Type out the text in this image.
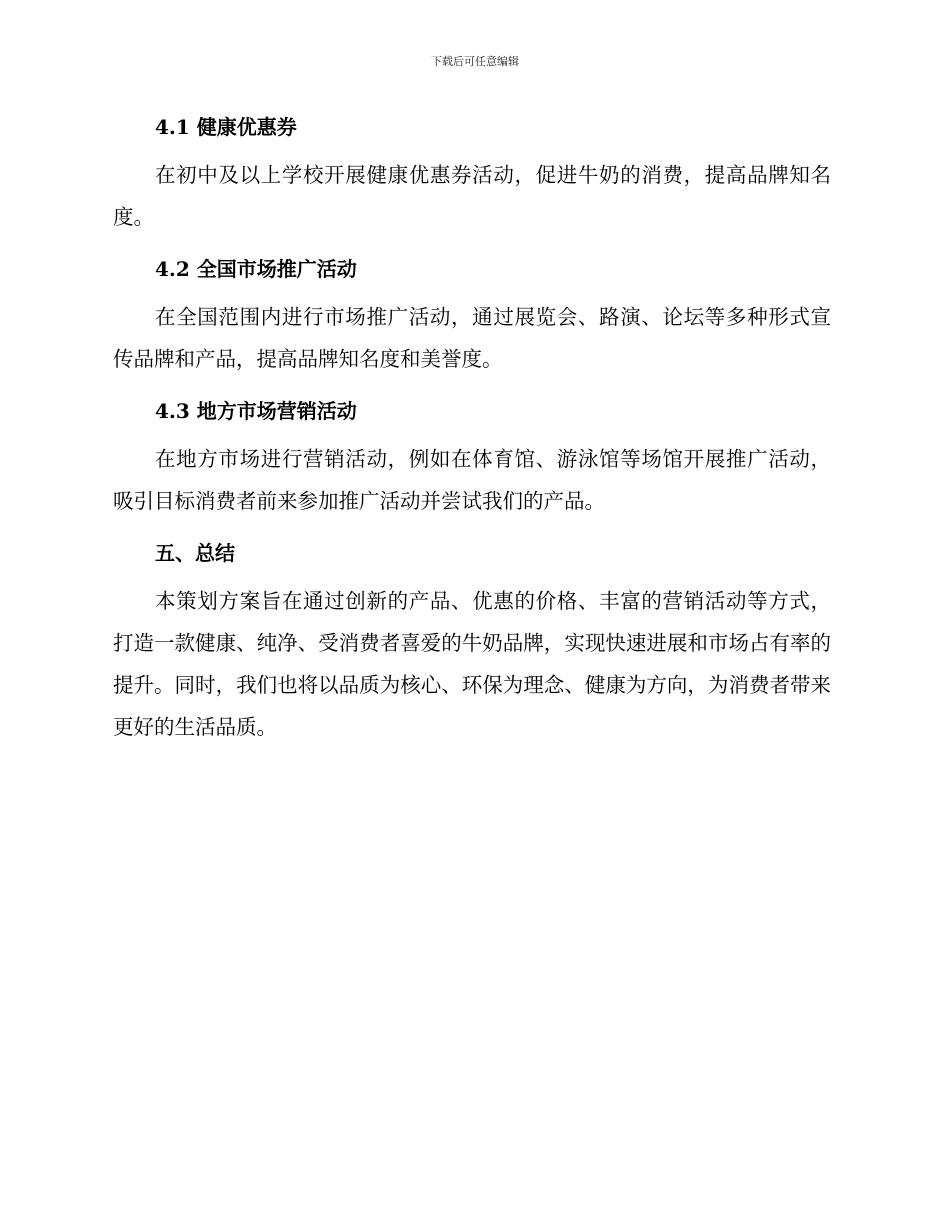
下载后可任意编辑
4.1 健康优惠券
在初中及以上学校开展健康优惠券活动，促进牛奶的消费，提高品牌知名度。
4.2 全国市场推广活动
在全国范围内进行市场推广活动，通过展览会、路演、论坛等多种形式宣传品牌和产品，提高品牌知名度和美誉度。
4.3 地方市场营销活动
在地方市场进行营销活动，例如在体育馆、游泳馆等场馆开展推广活动，吸引目标消费者前来参加推广活动并尝试我们的产品。
五、总结
本策划方案旨在通过创新的产品、优惠的价格、丰富的营销活动等方式，打造一款健康、纯净、受消费者喜爱的牛奶品牌，实现快速进展和市场占有率的提升。同时，我们也将以品质为核心、环保为理念、健康为方向，为消费者带来更好的生活品质。
